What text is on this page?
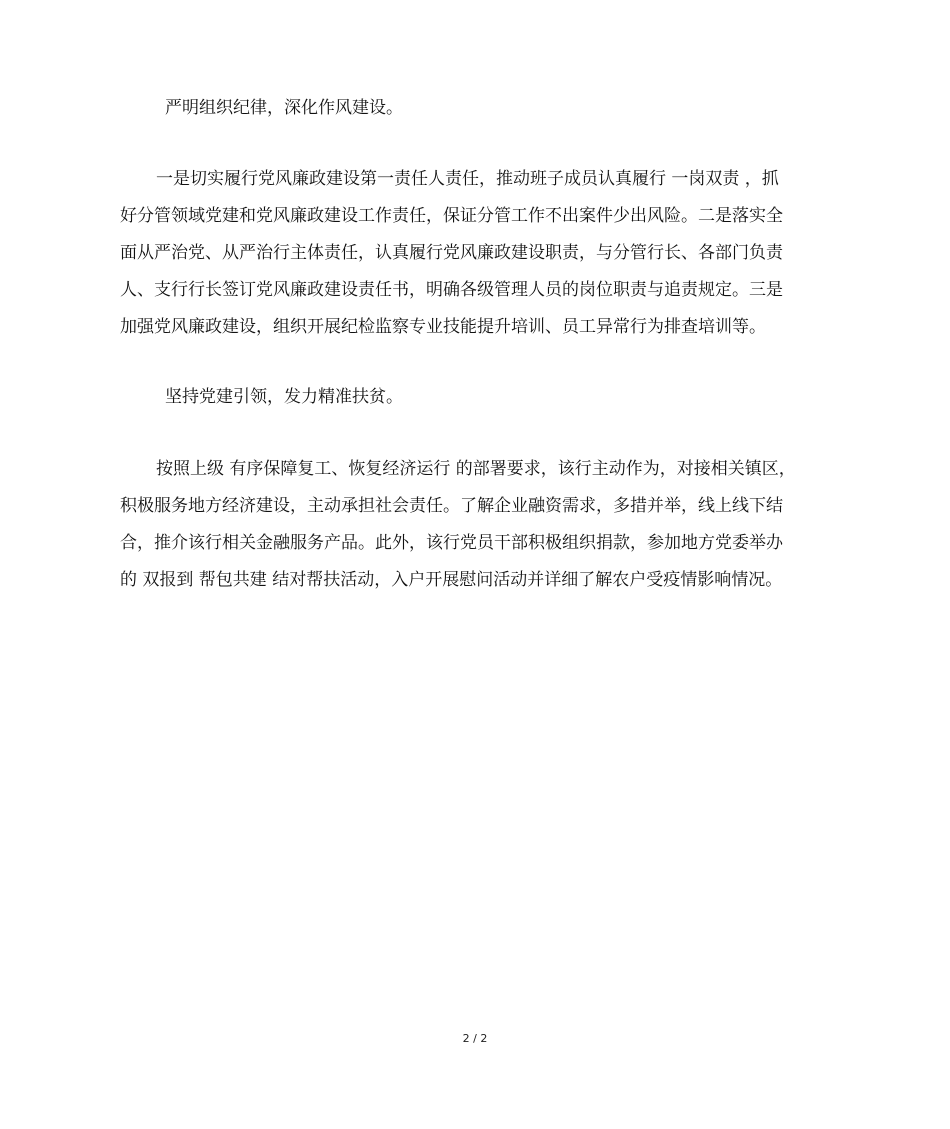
严明组织纪律，深化作风建设。
一是切实履行党风廉政建设第一责任人责任，推动班子成员认真履行 一岗双责 ，抓
好分管领域党建和党风廉政建设工作责任，保证分管工作不出案件少出风险。二是落实全
面从严治党、从严治行主体责任，认真履行党风廉政建设职责，与分管行长、各部门负责
人、支行行长签订党风廉政建设责任书，明确各级管理人员的岗位职责与追责规定。三是
加强党风廉政建设，组织开展纪检监察专业技能提升培训、员工异常行为排查培训等。
坚持党建引领，发力精准扶贫。
按照上级 有序保障复工、恢复经济运行 的部署要求，该行主动作为，对接相关镇区，
积极服务地方经济建设，主动承担社会责任。了解企业融资需求，多措并举，线上线下结
合，推介该行相关金融服务产品。此外，该行党员干部积极组织捐款，参加地方党委举办
的 双报到 帮包共建 结对帮扶活动，入户开展慰问活动并详细了解农户受疫情影响情况。
2 / 2
